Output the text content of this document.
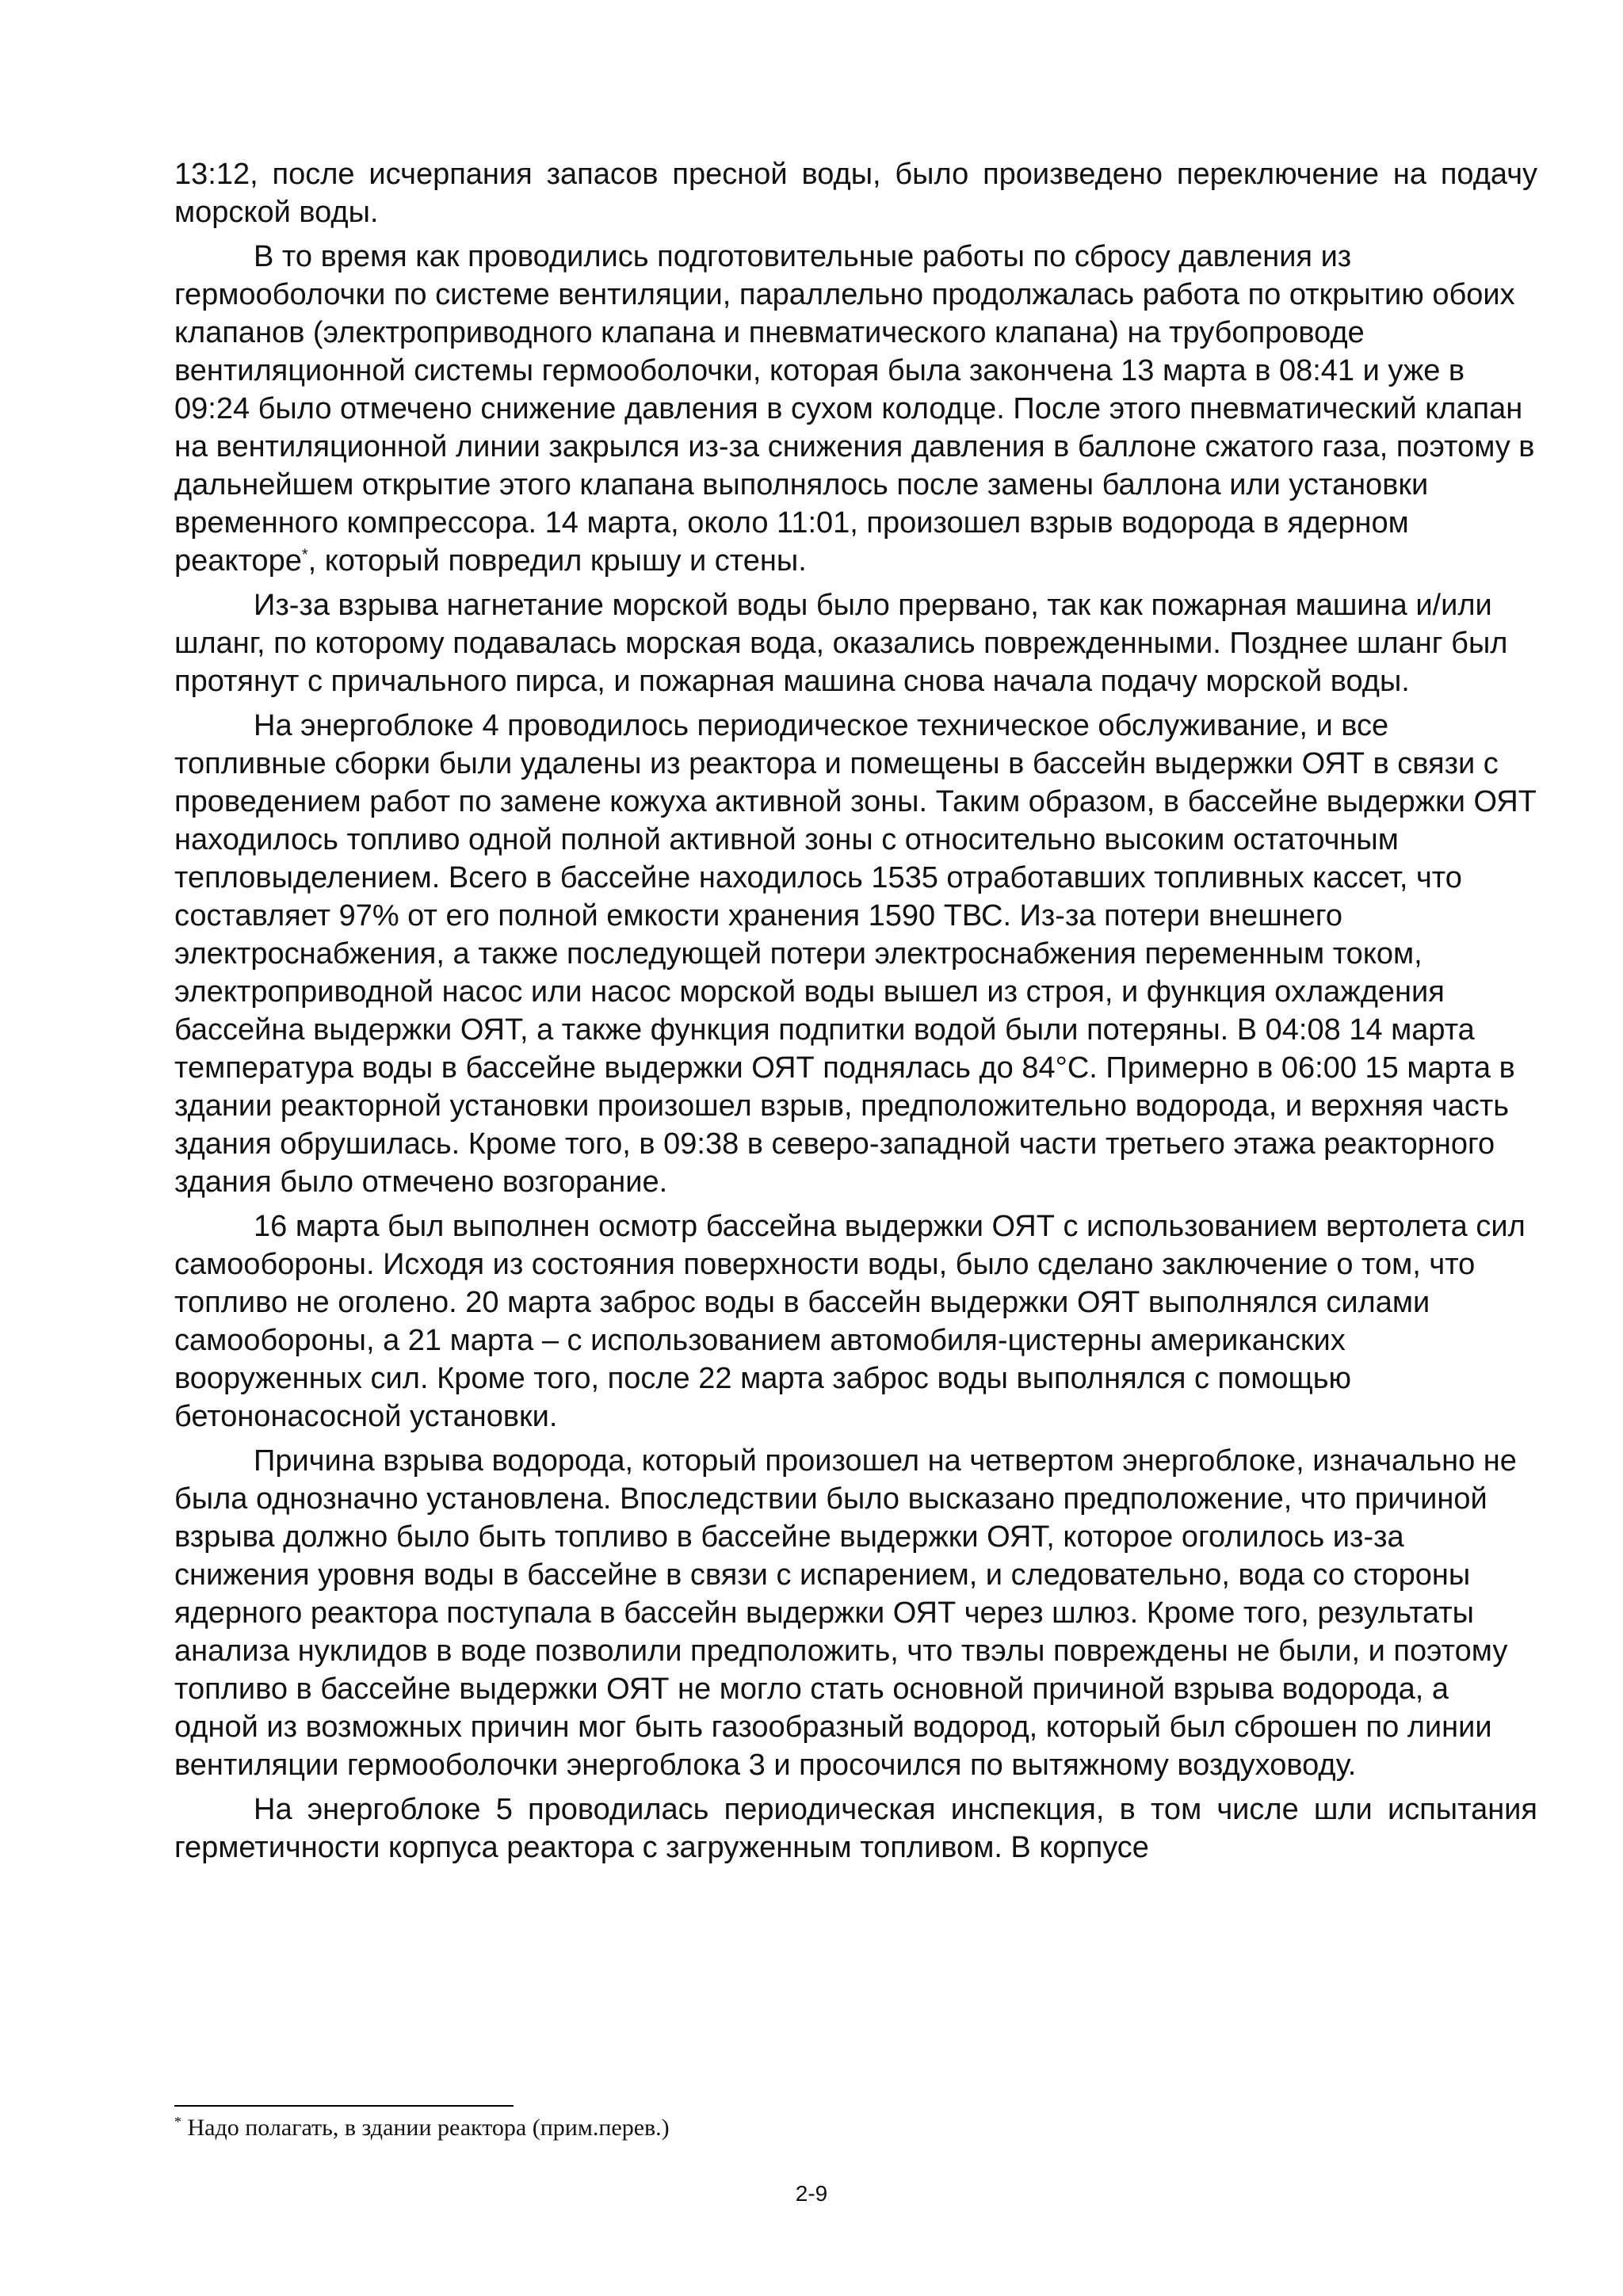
13:12, после исчерпания запасов пресной воды, было произведено переключение на подачу морской воды.

В то время как проводились подготовительные работы по сбросу давления из гермооболочки по системе вентиляции, параллельно продолжалась работа по открытию обоих клапанов (электроприводного клапана и пневматического клапана) на трубопроводе вентиляционной системы гермооболочки, которая была закончена 13 марта в 08:41 и уже в 09:24 было отмечено снижение давления в сухом колодце. После этого пневматический клапан на вентиляционной линии закрылся из-за снижения давления в баллоне сжатого газа, поэтому в дальнейшем открытие этого клапана выполнялось после замены баллона или установки временного компрессора. 14 марта, около 11:01, произошел взрыв водорода в ядерном реакторе*, который повредил крышу и стены.

Из-за взрыва нагнетание морской воды было прервано, так как пожарная машина и/или шланг, по которому подавалась морская вода, оказались поврежденными. Позднее шланг был протянут с причального пирса, и пожарная машина снова начала подачу морской воды.

На энергоблоке 4 проводилось периодическое техническое обслуживание, и все топливные сборки были удалены из реактора и помещены в бассейн выдержки ОЯТ в связи с проведением работ по замене кожуха активной зоны. Таким образом, в бассейне выдержки ОЯТ находилось топливо одной полной активной зоны с относительно высоким остаточным тепловыделением. Всего в бассейне находилось 1535 отработавших топливных кассет, что составляет 97% от его полной емкости хранения 1590 ТВС. Из-за потери внешнего электроснабжения, а также последующей потери электроснабжения переменным током, электроприводной насос или насос морской воды вышел из строя, и функция охлаждения бассейна выдержки ОЯТ, а также функция подпитки водой были потеряны. В 04:08 14 марта температура воды в бассейне выдержки ОЯТ поднялась до 84°C. Примерно в 06:00 15 марта в здании реакторной установки произошел взрыв, предположительно водорода, и верхняя часть здания обрушилась. Кроме того, в 09:38 в северо-западной части третьего этажа реакторного здания было отмечено возгорание.

16 марта был выполнен осмотр бассейна выдержки ОЯТ с использованием вертолета сил самообороны. Исходя из состояния поверхности воды, было сделано заключение о том, что топливо не оголено. 20 марта заброс воды в бассейн выдержки ОЯТ выполнялся силами самообороны, а 21 марта – с использованием автомобиля-цистерны американских вооруженных сил. Кроме того, после 22 марта заброс воды выполнялся с помощью бетононасосной установки.

Причина взрыва водорода, который произошел на четвертом энергоблоке, изначально не была однозначно установлена. Впоследствии было высказано предположение, что причиной взрыва должно было быть топливо в бассейне выдержки ОЯТ, которое оголилось из-за снижения уровня воды в бассейне в связи с испарением, и следовательно, вода со стороны ядерного реактора поступала в бассейн выдержки ОЯТ через шлюз. Кроме того, результаты анализа нуклидов в воде позволили предположить, что твэлы повреждены не были, и поэтому топливо в бассейне выдержки ОЯТ не могло стать основной причиной взрыва водорода, а одной из возможных причин мог быть газообразный водород, который был сброшен по линии вентиляции гермооболочки энергоблока 3 и просочился по вытяжному воздуховоду.

На энергоблоке 5 проводилась периодическая инспекция, в том числе шли испытания герметичности корпуса реактора с загруженным топливом. В корпусе

* Надо полагать, в здании реактора (прим.перев.)
2-9
